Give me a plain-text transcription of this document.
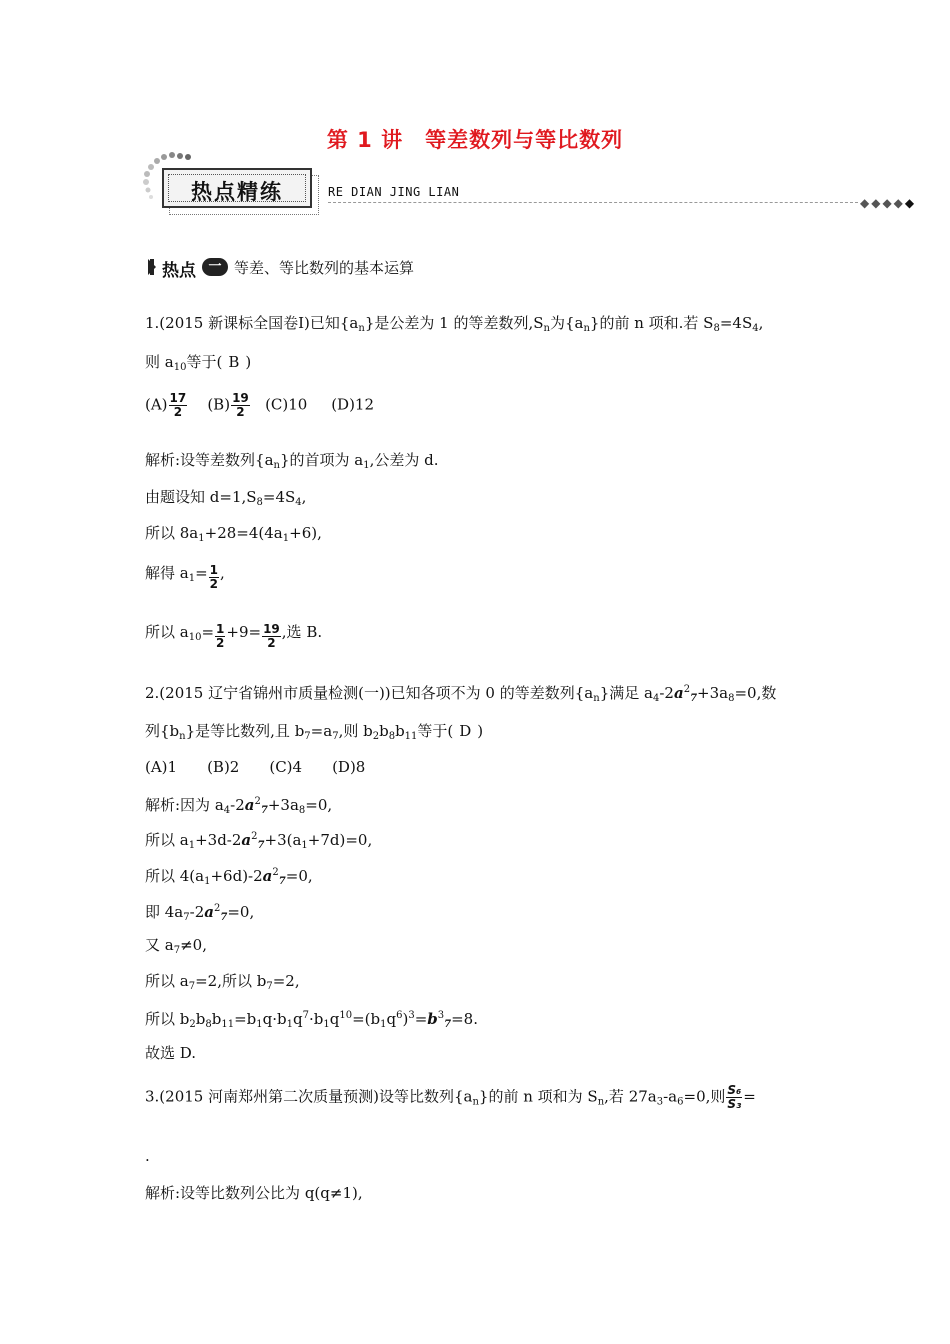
第 1 讲　等差数列与等比数列
热点精练	RE DIAN JING LIAN
◆◆◆◆◆
热点 一 等差、等比数列的基本运算
1.(2015 新课标全国卷Ⅰ)已知$\{a_n\}$是公差为 1 的等差数列$,S_n$为$\{a_n\}$的前 n 项和.若 $S_8=4S_4$,
则 $a_{10}$等于( B )
$(A) \frac{17}{2} (B) \frac{19}{2} (C)10$ (D)12
解析:设等差数列$\{a_n\}$的首项为 $a_1$,公差为 d.
由题设知 $d=1,S_8=4S_4$,
所以 $8a_1+28=4(4a_1+6)$,
解得 $a_1= \frac{1}{2}$ ,
所以 $a_{10}= \frac{1}{2} +9= \frac{19}{2}$ ,选 B.
2.(2015 辽宁省锦州市质量检测(一))已知各项不为 0 的等差数列$\{a_n\}$满足 $a_4-2a^2_7+3a_8=0$,数
列$\{b_n\}$是等比数列,且 $b_7=a_7$,则 $b_2b_8b_{11}$等于( D )
(A)1　　(B)2　　(C)4　　(D)8
解析:因为 $a_4-2a^2_7+3a_8=0$,
所以 $a_1+3d-2a^2_7+3(a_1+7d)=0$,
所以 $4(a_1+6d)-2a^2_7=0$,
即 $4a_7-2a^2_7=0$,
又 $a_7\ne 0$,
所以 $a_7=2$,所以 $b_7=2$,
所以 $b_2b_8b_{11}=b_1q\cdot b_1q^7\cdot b_1q^{10}=(b_1q^6)^3=b^3_7=8$.
故选 D.
3.(2015 河南郑州第二次质量预测)设等比数列$\{a_n\}$的前 n 项和为 $S_n$,若 $27a_3-a_6=0$,则 $\frac{\text{S₆}}{\text{S₃}}$ =
.
解析:设等比数列公比为 q(q≠1),
